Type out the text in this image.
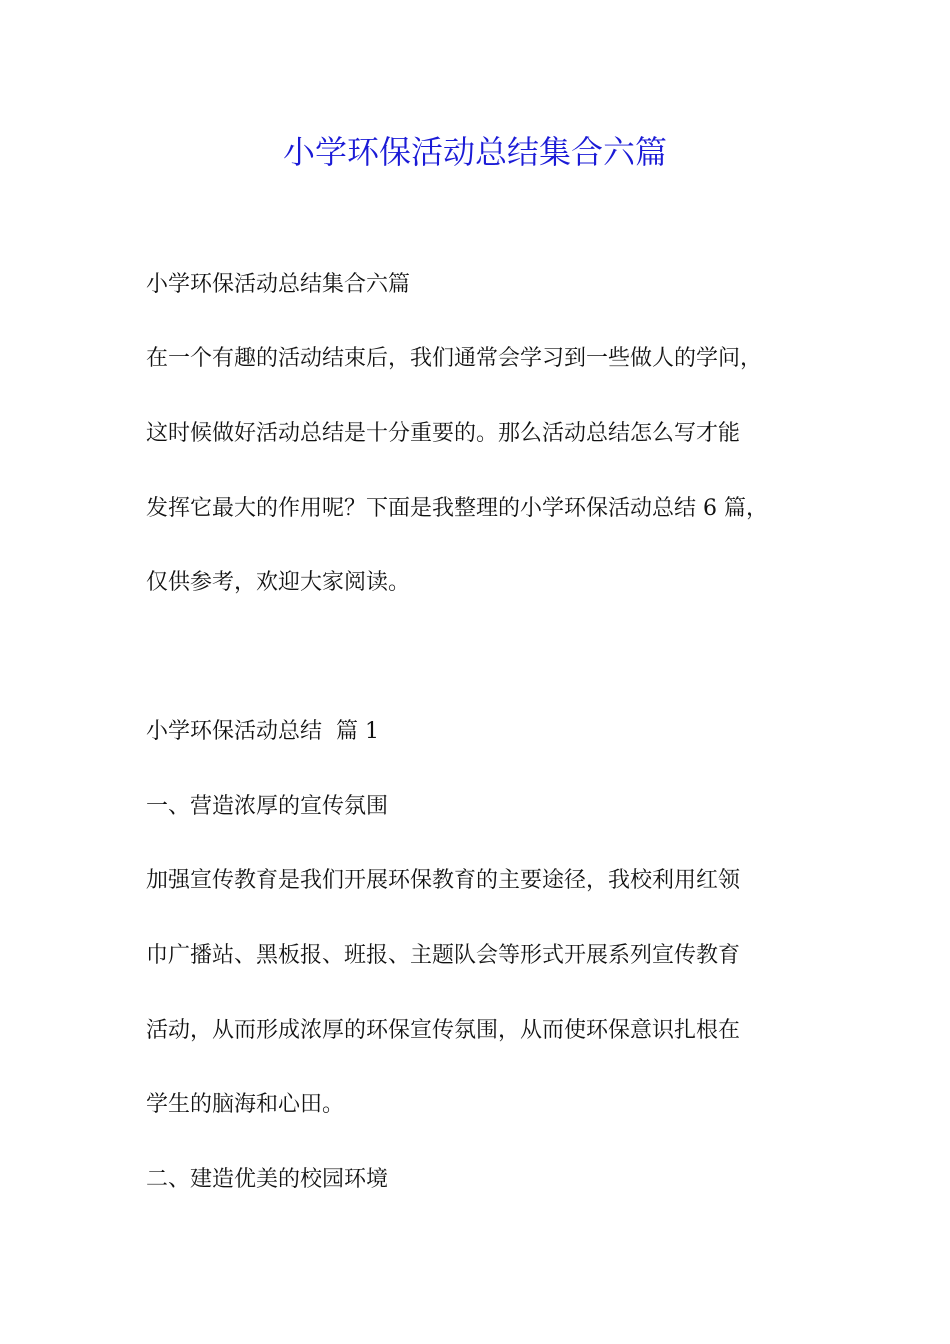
小学环保活动总结集合六篇

小学环保活动总结集合六篇

在一个有趣的活动结束后，我们通常会学习到一些做人的学问，

这时候做好活动总结是十分重要的。那么活动总结怎么写才能

发挥它最大的作用呢？下面是我整理的小学环保活动总结 6 篇，

仅供参考，欢迎大家阅读。

小学环保活动总结  篇 1

一、营造浓厚的宣传氛围

加强宣传教育是我们开展环保教育的主要途径，我校利用红领

巾广播站、黑板报、班报、主题队会等形式开展系列宣传教育

活动，从而形成浓厚的环保宣传氛围，从而使环保意识扎根在

学生的脑海和心田。

二、建造优美的校园环境
